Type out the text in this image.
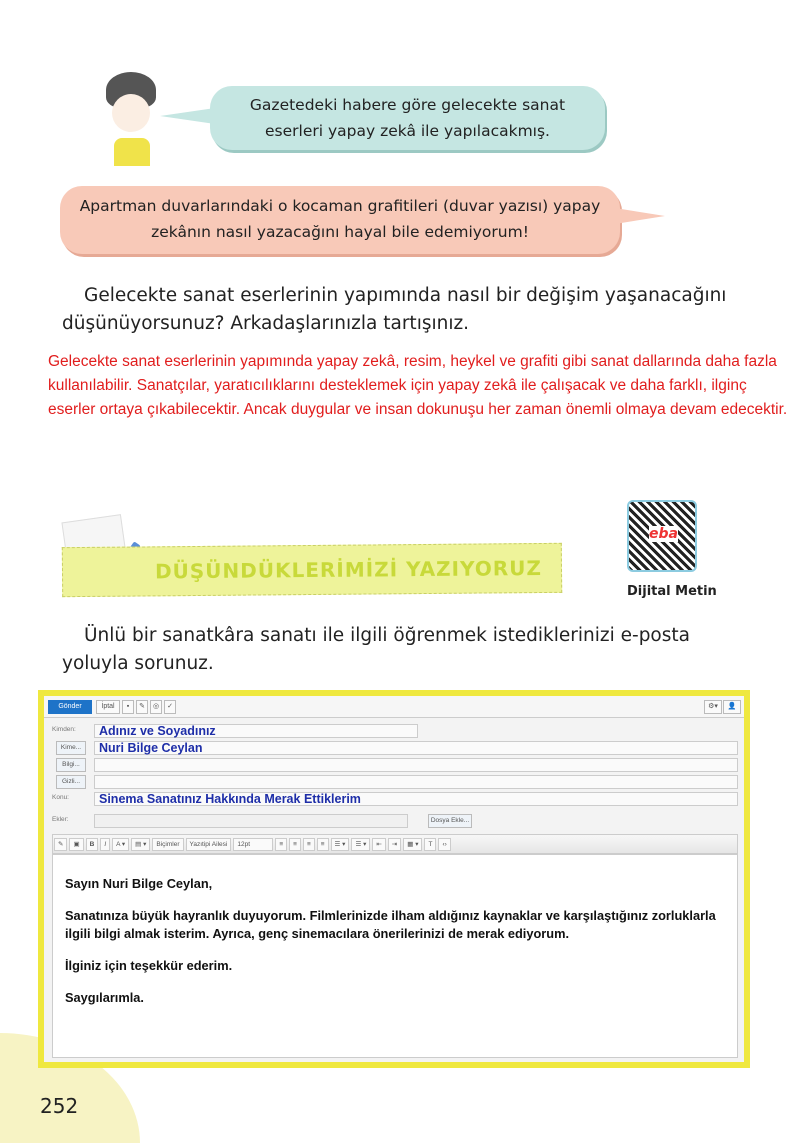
Gazetedeki habere göre gelecekte sanat eserleri yapay zekâ ile yapılacakmış.
Apartman duvarlarındaki o kocaman grafitileri (duvar yazısı) yapay zekânın nasıl yazacağını hayal bile edemiyorum!

Gelecekte sanat eserlerinin yapımında nasıl bir değişim yaşanacağını düşünüyorsunuz? Arkadaşlarınızla tartışınız.

Gelecekte sanat eserlerinin yapımında yapay zekâ, resim, heykel ve grafiti gibi sanat dallarında daha fazla kullanılabilir. Sanatçılar, yaratıcılıklarını desteklemek için yapay zekâ ile çalışacak ve daha farklı, ilginç eserler ortaya çıkabilecektir. Ancak duygular ve insan dokunuşu her zaman önemli olmaya devam edecektir.

DÜŞÜNDÜKLERİMİZİ YAZIYORUZ
eba
Dijital Metin

Ünlü bir sanatkâra sanatı ile ilgili öğrenmek istediklerinizi e-posta yoluyla sorunuz.

Gönder	İptal	▪	✎	◎	✓	⚙▾	👤
Kimden:	Adınız ve Soyadınız
Kime...	Nuri Bilge Ceylan
Bilgi...
Gizli...
Konu:	Sinema Sanatınız Hakkında Merak Ettiklerim
Ekler:	Dosya Ekle...
✎ ▣ B I A ▾ ▤ ▾ Biçimler Yazıtipi Ailesi 12pt	≡ ≡ ≡ ≡ ☰ ▾ ☰ ▾ ⇤ ⇥ ▦ ▾ T ‹›

Sayın Nuri Bilge Ceylan,

Sanatınıza büyük hayranlık duyuyorum. Filmlerinizde ilham aldığınız kaynaklar ve karşılaştığınız zorluklarla ilgili bilgi almak isterim. Ayrıca, genç sinemacılara önerilerinizi de merak ediyorum.

İlginiz için teşekkür ederim.

Saygılarımla.

252
